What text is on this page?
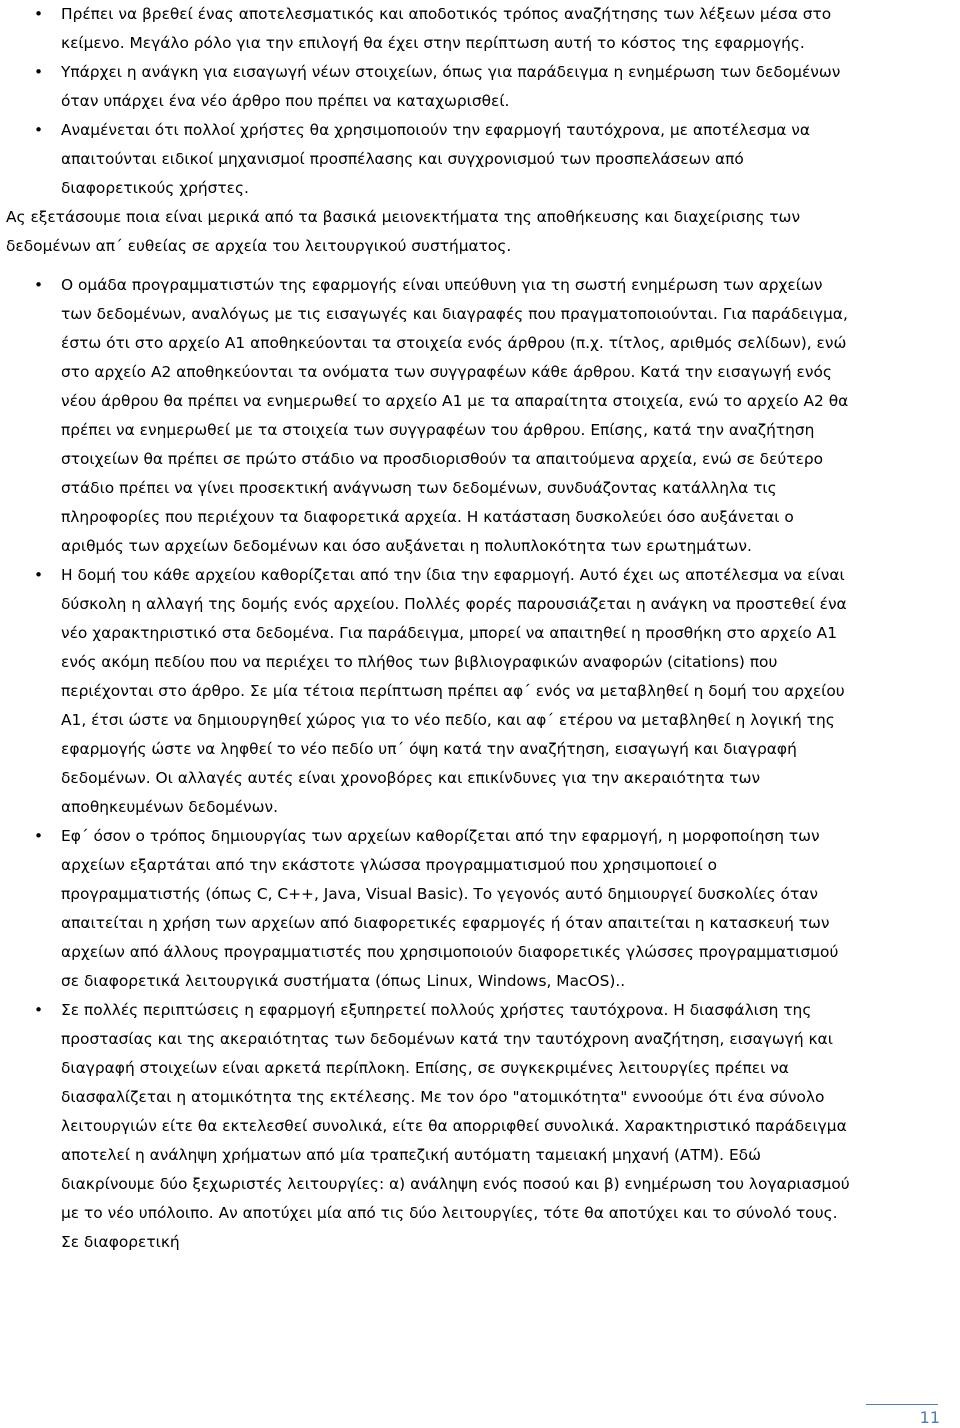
• Πρέπει να βρεθεί ένας αποτελεσματικός και αποδοτικός τρόπος αναζήτησης των λέξεων μέσα στο κείμενο. Μεγάλο ρόλο για την επιλογή θα έχει στην περίπτωση αυτή το κόστος της εφαρμογής.
• Υπάρχει η ανάγκη για εισαγωγή νέων στοιχείων, όπως για παράδειγμα η ενημέρωση των δεδομένων όταν υπάρχει ένα νέο άρθρο που πρέπει να καταχωρισθεί.
• Αναμένεται ότι πολλοί χρήστες θα χρησιμοποιούν την εφαρμογή ταυτόχρονα, με αποτέλεσμα να απαιτούνται ειδικοί μηχανισμοί προσπέλασης και συγχρονισμού των προσπελάσεων από διαφορετικούς χρήστες.

Ας εξετάσουμε ποια είναι μερικά από τα βασικά μειονεκτήματα της αποθήκευσης και διαχείρισης των δεδομένων απ΄ ευθείας σε αρχεία του λειτουργικού συστήματος.

• Ο ομάδα προγραμματιστών της εφαρμογής είναι υπεύθυνη για τη σωστή ενημέρωση των αρχείων των δεδομένων, αναλόγως με τις εισαγωγές και διαγραφές που πραγματοποιούνται. Για παράδειγμα, έστω ότι στο αρχείο Α1 αποθηκεύονται τα στοιχεία ενός άρθρου (π.χ. τίτλος, αριθμός σελίδων), ενώ στο αρχείο Α2 αποθηκεύονται τα ονόματα των συγγραφέων κάθε άρθρου. Κατά την εισαγωγή ενός νέου άρθρου θα πρέπει να ενημερωθεί το αρχείο Α1 με τα απαραίτητα στοιχεία, ενώ το αρχείο Α2 θα πρέπει να ενημερωθεί με τα στοιχεία των συγγραφέων του άρθρου. Επίσης, κατά την αναζήτηση στοιχείων θα πρέπει σε πρώτο στάδιο να προσδιορισθούν τα απαιτούμενα αρχεία, ενώ σε δεύτερο στάδιο πρέπει να γίνει προσεκτική ανάγνωση των δεδομένων, συνδυάζοντας κατάλληλα τις πληροφορίες που περιέχουν τα διαφορετικά αρχεία. Η κατάσταση δυσκολεύει όσο αυξάνεται ο αριθμός των αρχείων δεδομένων και όσο αυξάνεται η πολυπλοκότητα των ερωτημάτων.
• Η δομή του κάθε αρχείου καθορίζεται από την ίδια την εφαρμογή. Αυτό έχει ως αποτέλεσμα να είναι δύσκολη η αλλαγή της δομής ενός αρχείου. Πολλές φορές παρουσιάζεται η ανάγκη να προστεθεί ένα νέο χαρακτηριστικό στα δεδομένα. Για παράδειγμα, μπορεί να απαιτηθεί η προσθήκη στο αρχείο Α1 ενός ακόμη πεδίου που να περιέχει το πλήθος των βιβλιογραφικών αναφορών (citations) που περιέχονται στο άρθρο. Σε μία τέτοια περίπτωση πρέπει αφ΄ ενός να μεταβληθεί η δομή του αρχείου Α1, έτσι ώστε να δημιουργηθεί χώρος για το νέο πεδίο, και αφ΄ ετέρου να μεταβληθεί η λογική της εφαρμογής ώστε να ληφθεί το νέο πεδίο υπ΄ όψη κατά την αναζήτηση, εισαγωγή και διαγραφή δεδομένων. Οι αλλαγές αυτές είναι χρονοβόρες και επικίνδυνες για την ακεραιότητα των αποθηκευμένων δεδομένων.
• Εφ΄ όσον ο τρόπος δημιουργίας των αρχείων καθορίζεται από την εφαρμογή, η μορφοποίηση των αρχείων εξαρτάται από την εκάστοτε γλώσσα προγραμματισμού που χρησιμοποιεί ο προγραμματιστής (όπως C, C++, Java, Visual Basic). Το γεγονός αυτό δημιουργεί δυσκολίες όταν απαιτείται η χρήση των αρχείων από διαφορετικές εφαρμογές ή όταν απαιτείται η κατασκευή των αρχείων από άλλους προγραμματιστές που χρησιμοποιούν διαφορετικές γλώσσες προγραμματισμού σε διαφορετικά λειτουργικά συστήματα (όπως Linux, Windows, MacOS)..
• Σε πολλές περιπτώσεις η εφαρμογή εξυπηρετεί πολλούς χρήστες ταυτόχρονα. Η διασφάλιση της προστασίας και της ακεραιότητας των δεδομένων κατά την ταυτόχρονη αναζήτηση, εισαγωγή και διαγραφή στοιχείων είναι αρκετά περίπλοκη. Επίσης, σε συγκεκριμένες λειτουργίες πρέπει να διασφαλίζεται η ατομικότητα της εκτέλεσης. Με τον όρο "ατομικότητα" εννοούμε ότι ένα σύνολο λειτουργιών είτε θα εκτελεσθεί συνολικά, είτε θα απορριφθεί συνολικά. Χαρακτηριστικό παράδειγμα αποτελεί η ανάληψη χρήματων από μία τραπεζική αυτόματη ταμειακή μηχανή (ΑΤΜ). Εδώ διακρίνουμε δύο ξεχωριστές λειτουργίες: α) ανάληψη ενός ποσού και β) ενημέρωση του λογαριασμού με το νέο υπόλοιπο. Αν αποτύχει μία από τις δύο λειτουργίες, τότε θα αποτύχει και το σύνολό τους. Σε διαφορετική
11
